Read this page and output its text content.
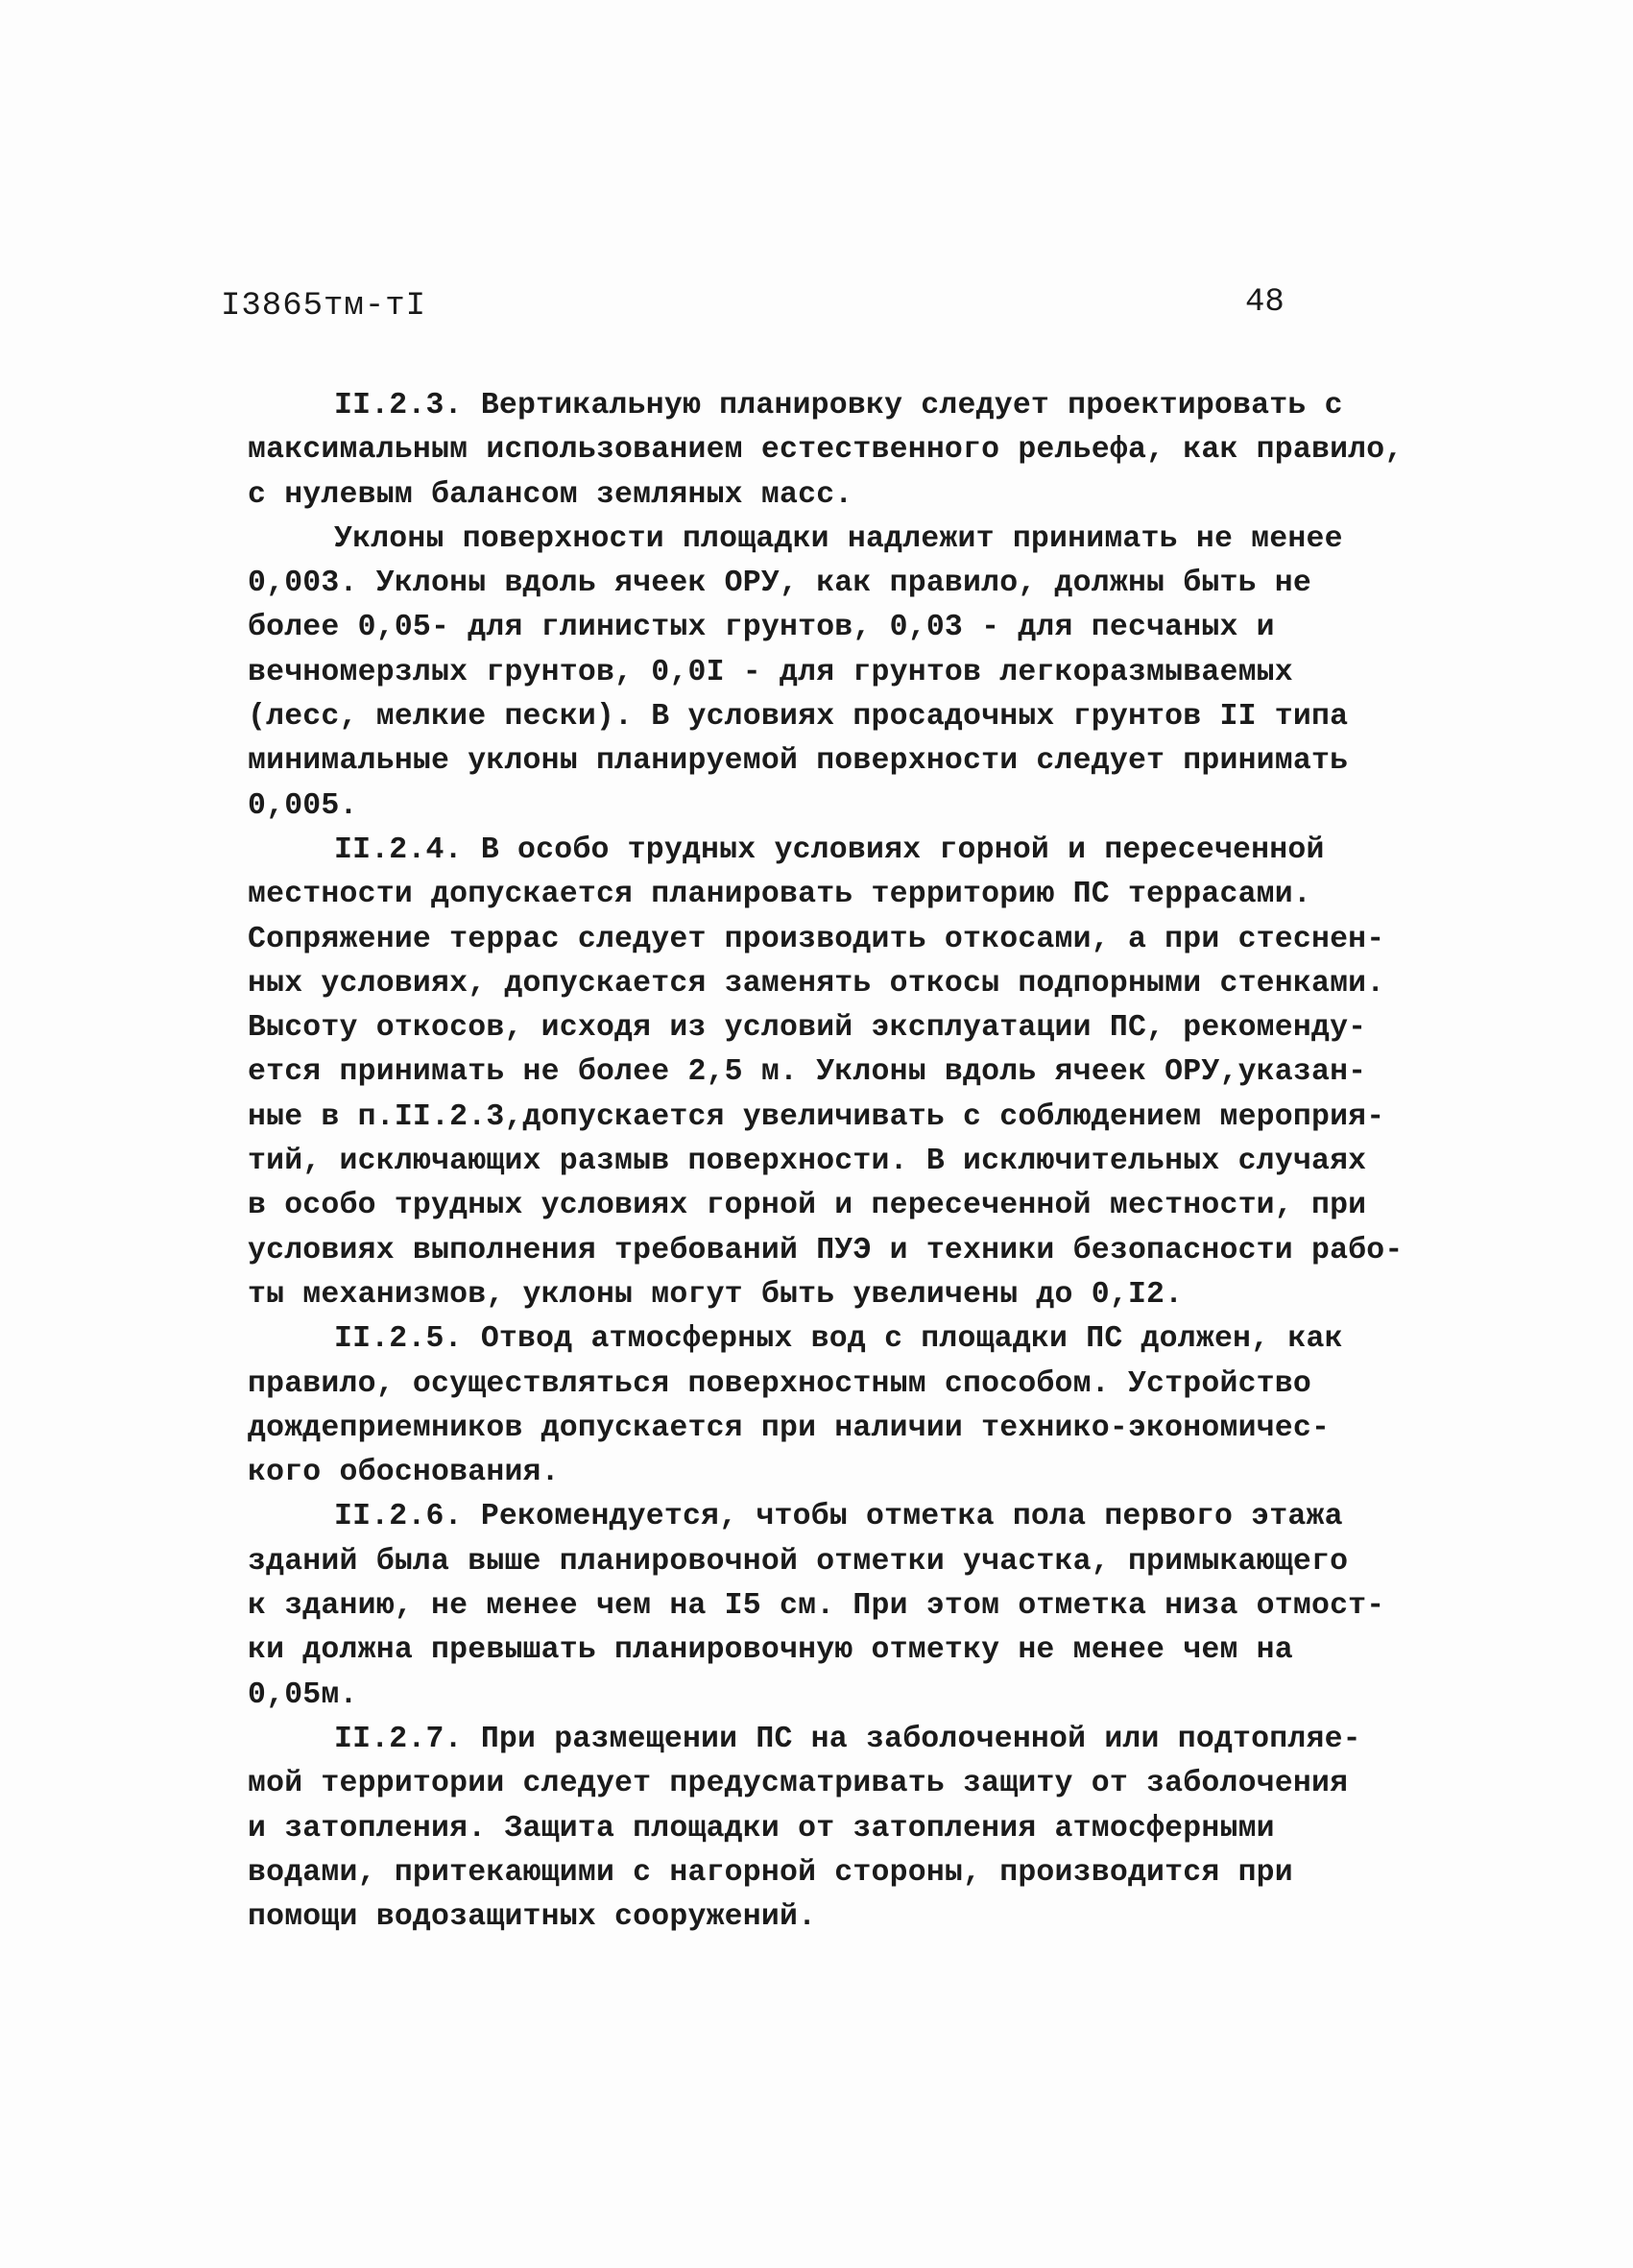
I3865тм-тI	48
II.2.3. Вертикальную планировку следует проектировать с
максимальным использованием естественного рельефа, как правило,
с нулевым балансом земляных масс.
Уклоны поверхности площадки надлежит принимать не менее
0,003. Уклоны вдоль ячеек ОРУ, как правило, должны быть не
более 0,05- для глинистых грунтов, 0,03 - для песчаных и
вечномерзлых грунтов, 0,0I - для грунтов легкоразмываемых
(лесс, мелкие пески). В условиях просадочных грунтов II типа
минимальные уклоны планируемой поверхности следует принимать
0,005.
II.2.4. В особо трудных условиях горной и пересеченной
местности допускается планировать территорию ПС террасами.
Сопряжение террас следует производить откосами, а при стеснен-
ных условиях, допускается заменять откосы подпорными стенками.
Высоту откосов, исходя из условий эксплуатации ПС, рекоменду-
ется принимать не более 2,5 м. Уклоны вдоль ячеек ОРУ,указан-
ные в п.II.2.3,допускается увеличивать с соблюдением мероприя-
тий, исключающих размыв поверхности. В исключительных случаях
в особо трудных условиях горной и пересеченной местности, при
условиях выполнения требований ПУЭ и техники безопасности рабо-
ты механизмов, уклоны могут быть увеличены до 0,I2.
II.2.5. Отвод атмосферных вод с площадки ПС должен, как
правило, осуществляться поверхностным способом. Устройство
дождеприемников допускается при наличии технико-экономичес-
кого обоснования.
II.2.6. Рекомендуется, чтобы отметка пола первого этажа
зданий была выше планировочной отметки участка, примыкающего
к зданию, не менее чем на I5 см. При этом отметка низа отмост-
ки должна превышать планировочную отметку не менее чем на
0,05м.
II.2.7. При размещении ПС на заболоченной или подтопляе-
мой территории следует предусматривать защиту от заболочения
и затопления. Защита площадки от затопления атмосферными
водами, притекающими с нагорной стороны, производится при
помощи водозащитных сооружений.
